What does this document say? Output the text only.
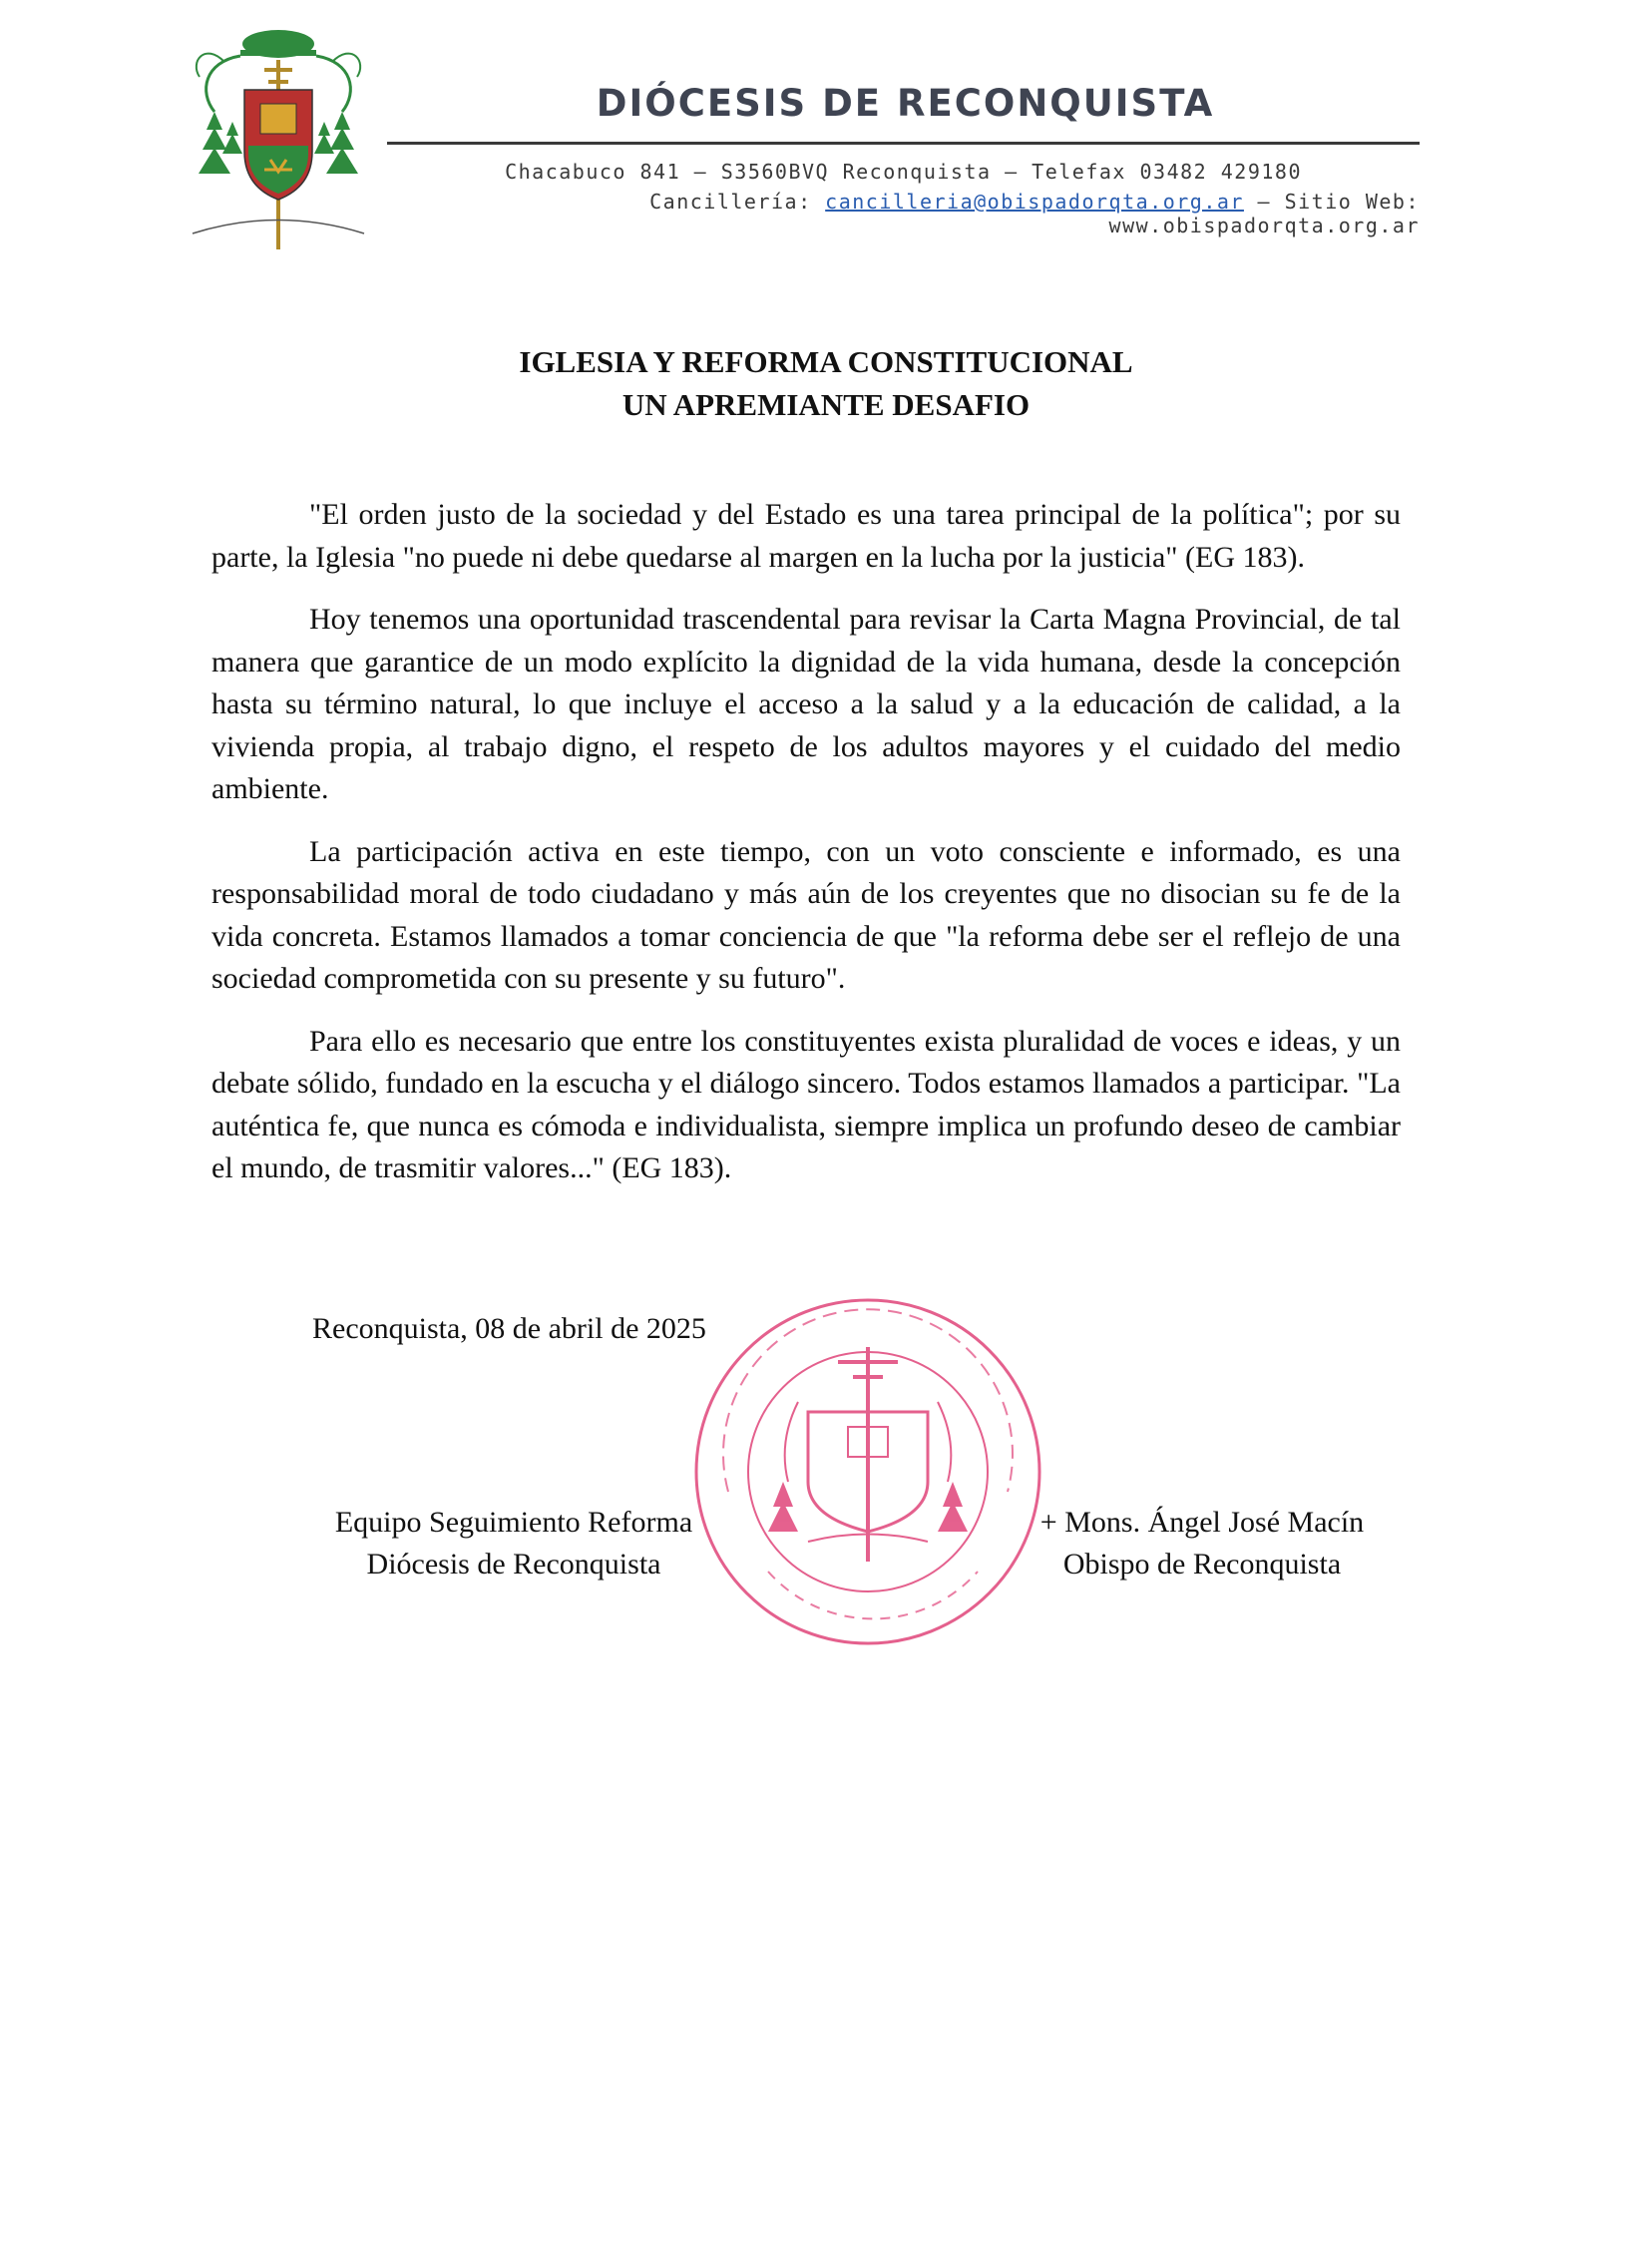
DIÓCESIS DE RECONQUISTA
Chacabuco 841 – S3560BVQ Reconquista – Telefax 03482 429180
Cancillería: cancilleria@obispadorqta.org.ar – Sitio Web: www.obispadorqta.org.ar
IGLESIA Y REFORMA CONSTITUCIONAL
UN APREMIANTE DESAFIO

"El orden justo de la sociedad y del Estado es una tarea principal de la política"; por su parte, la Iglesia "no puede ni debe quedarse al margen en la lucha por la justicia" (EG 183).

Hoy tenemos una oportunidad trascendental para revisar la Carta Magna Provincial, de tal manera que garantice de un modo explícito la dignidad de la vida humana, desde la concepción hasta su término natural, lo que incluye el acceso a la salud y a la educación de calidad, a la vivienda propia, al trabajo digno, el respeto de los adultos mayores y el cuidado del medio ambiente.

La participación activa en este tiempo, con un voto consciente e informado, es una responsabilidad moral de todo ciudadano y más aún de los creyentes que no disocian su fe de la vida concreta. Estamos llamados a tomar conciencia de que "la reforma debe ser el reflejo de una sociedad comprometida con su presente y su futuro".

Para ello es necesario que entre los constituyentes exista pluralidad de voces e ideas, y un debate sólido, fundado en la escucha y el diálogo sincero. Todos estamos llamados a participar. "La auténtica fe, que nunca es cómoda e individualista, siempre implica un profundo deseo de cambiar el mundo, de trasmitir valores..." (EG 183).

Reconquista, 08 de abril de 2025
Equipo Seguimiento Reforma
Diócesis de Reconquista
+ Mons. Ángel José Macín
Obispo de Reconquista
